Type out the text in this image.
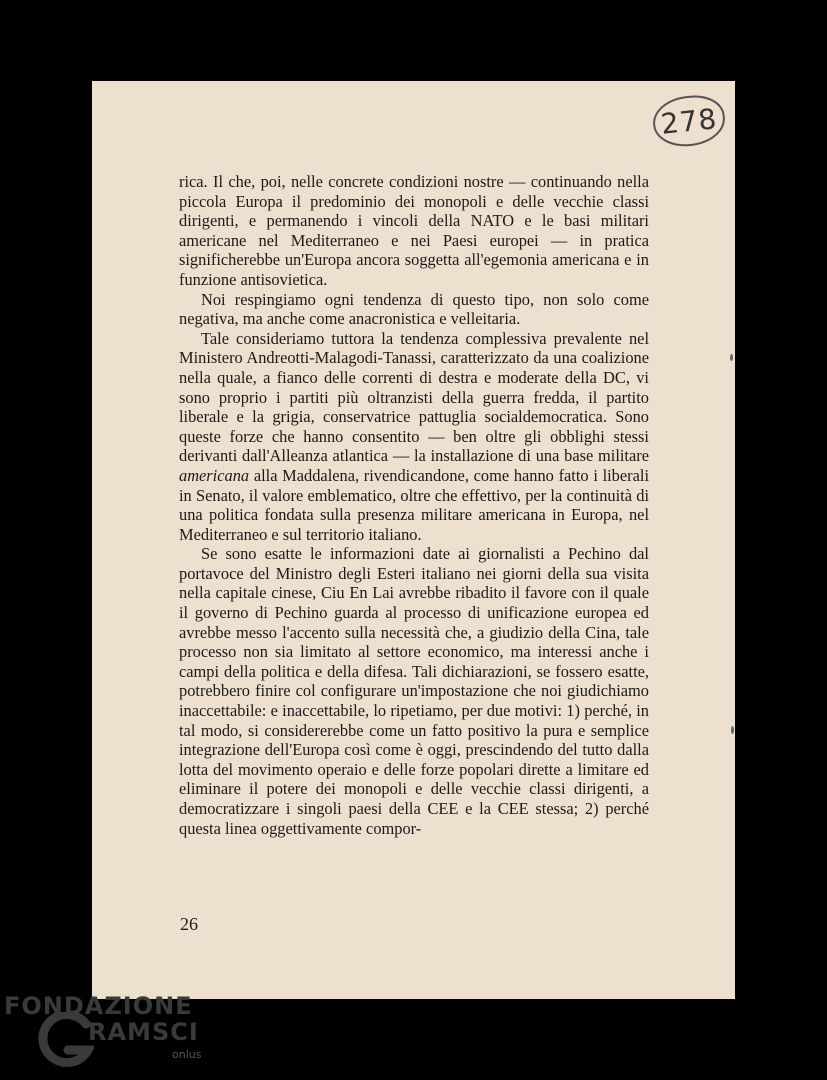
278

rica. Il che, poi, nelle concrete condizioni nostre — continuando nella piccola Europa il predominio dei monopoli e delle vecchie classi dirigenti, e permanendo i vincoli della NATO e le basi militari americane nel Mediterraneo e nei Paesi europei — in pratica significherebbe un'Europa ancora soggetta all'egemonia americana e in funzione antisovietica.

Noi respingiamo ogni tendenza di questo tipo, non solo come negativa, ma anche come anacronistica e velleitaria.

Tale consideriamo tuttora la tendenza complessiva prevalente nel Ministero Andreotti-Malagodi-Tanassi, caratterizzato da una coalizione nella quale, a fianco delle correnti di destra e moderate della DC, vi sono proprio i partiti più oltranzisti della guerra fredda, il partito liberale e la grigia, conservatrice pattuglia socialdemocratica. Sono queste forze che hanno consentito — ben oltre gli obblighi stessi derivanti dall'Alleanza atlantica — la installazione di una base militare americana alla Maddalena, rivendicandone, come hanno fatto i liberali in Senato, il valore emblematico, oltre che effettivo, per la continuità di una politica fondata sulla presenza militare americana in Europa, nel Mediterraneo e sul territorio italiano.

Se sono esatte le informazioni date ai giornalisti a Pechino dal portavoce del Ministro degli Esteri italiano nei giorni della sua visita nella capitale cinese, Ciu En Lai avrebbe ribadito il favore con il quale il governo di Pechino guarda al processo di unificazione europea ed avrebbe messo l'accento sulla necessità che, a giudizio della Cina, tale processo non sia limitato al settore economico, ma interessi anche i campi della politica e della difesa. Tali dichiarazioni, se fossero esatte, potrebbero finire col configurare un'impostazione che noi giudichiamo inaccettabile: e inaccettabile, lo ripetiamo, per due motivi: 1) perché, in tal modo, si considererebbe come un fatto positivo la pura e semplice integrazione dell'Europa così come è oggi, prescindendo del tutto dalla lotta del movimento operaio e delle forze popolari dirette a limitare ed eliminare il potere dei monopoli e delle vecchie classi dirigenti, a democratizzare i singoli paesi della CEE e la CEE stessa; 2) perché questa linea oggettivamente compor-

26
FONDAZIONE
RAMSCI
onlus
